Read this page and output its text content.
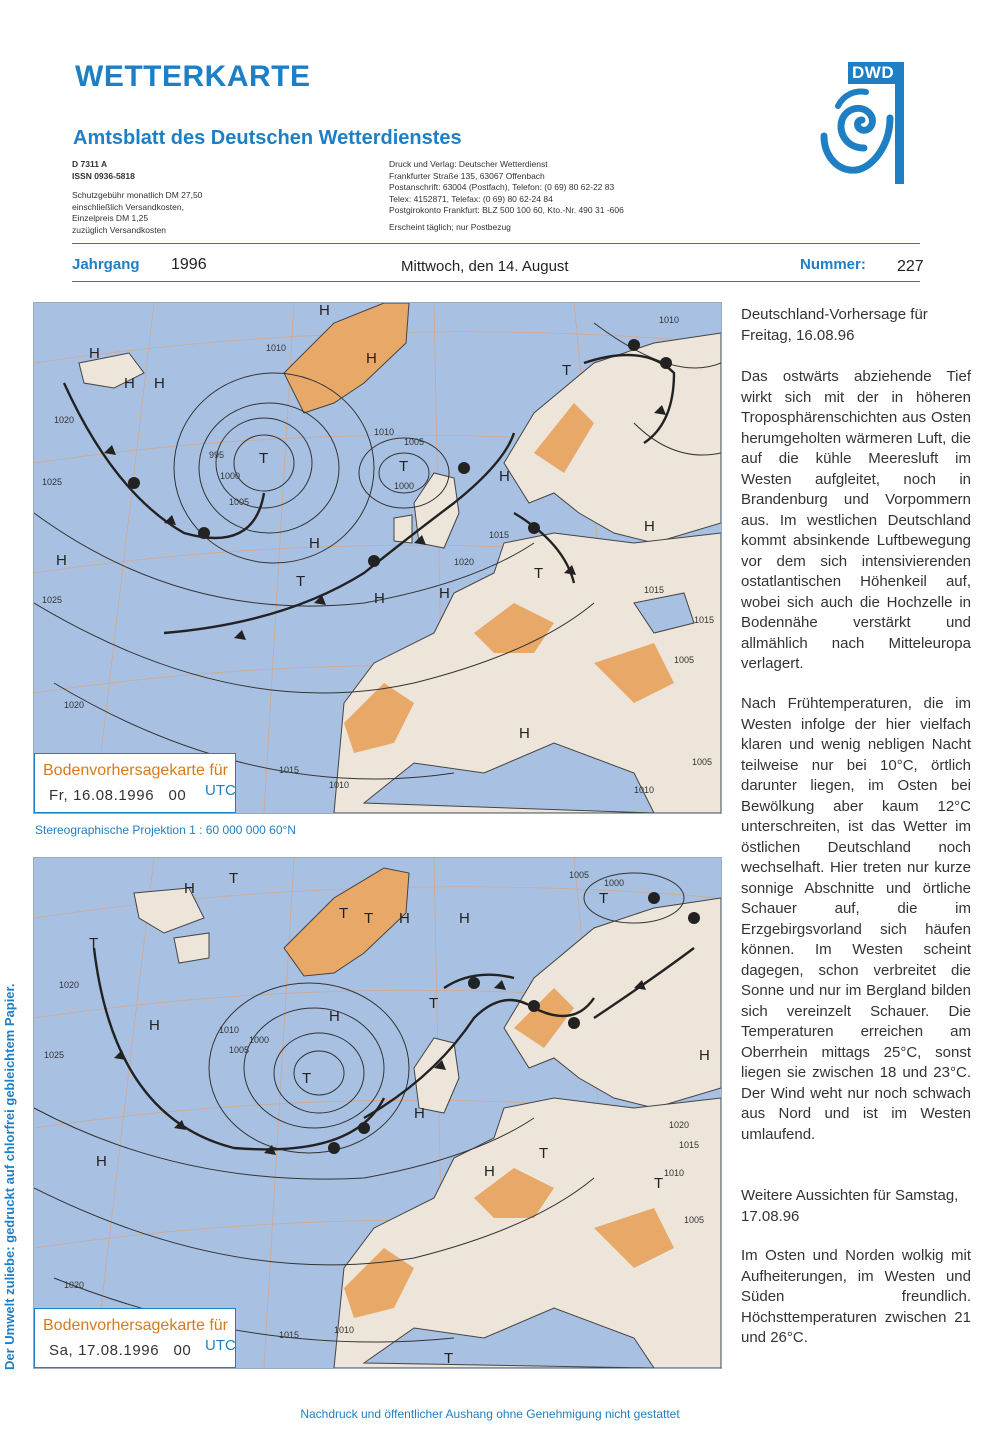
WETTERKARTE
Amtsblatt des Deutschen Wetterdienstes
D 7311 A
ISSN 0936-5818
Schutzgebühr monatlich DM 27,50
einschließlich Versandkosten,
Einzelpreis DM 1,25
zuzüglich Versandkosten
Druck und Verlag: Deutscher Wetterdienst
Frankfurter Straße 135, 63067 Offenbach
Postanschrift: 63004 (Postfach), Telefon: (0 69) 80 62-22 83
Telex: 4152871, Telefax: (0 69) 80 62-24 84
Postgirokonto Frankfurt: BLZ 500 100 60, Kto.-Nr. 490 31 -606
Erscheint täglich; nur Postbezug
DWD
Jahrgang 1996	Mittwoch, den 14. August	Nummer: 227
H
H
H
H
H
T	T
T
T
H
H
H
H	H
H
T
H
1010
1020
1025
995
1000
1005
1010
1005
1000
1015
1020
1015
1010
1025
1020
1005
1015
1010
1005
1010
1015
Bodenvorhersagekarte für
Fr, 16.08.1996 00 UTC
Stereographische Projektion 1 : 60 000 000 60°N
H
T
T
T
H
T
T
H	H
H
T
H
H
H
T
T
T
H
T
1005
1000
1020
1010
1005
1000
1025
1020
1015	1010
1015
1010
1005
1020
Bodenvorhersagekarte für
Sa, 17.08.1996 00 UTC
Deutschland-Vorhersage für Freitag, 16.08.96
Das ostwärts abziehende Tief wirkt sich mit der in höheren Troposphärenschichten aus Osten herumgeholten wärmeren Luft, die auf die kühle Meeresluft im Westen aufgleitet, noch in Brandenburg und Vorpommern aus. Im westlichen Deutschland kommt absinkende Luftbewegung vor dem sich intensivierenden ostatlantischen Höhenkeil auf, wobei sich auch die Hochzelle in Bodennähe verstärkt und allmählich nach Mitteleuropa verlagert.
Nach Frühtemperaturen, die im Westen infolge der hier vielfach klaren und wenig nebligen Nacht teilweise nur bei 10°C, örtlich darunter liegen, im Osten bei Bewölkung aber kaum 12°C unterschreiten, ist das Wetter im östlichen Deutschland noch wechselhaft. Hier treten nur kurze sonnige Abschnitte und örtliche Schauer auf, die im Erzgebirgsvorland sich häufen können. Im Westen scheint dagegen, schon verbreitet die Sonne und nur im Bergland bilden sich vereinzelt Schauer. Die Temperaturen erreichen am Oberrhein mittags 25°C, sonst liegen sie zwischen 18 und 23°C. Der Wind weht nur noch schwach aus Nord und ist im Westen umlaufend.
Weitere Aussichten für Samstag, 17.08.96
Im Osten und Norden wolkig mit Aufheiterungen, im Westen und Süden freundlich. Höchsttemperaturen zwischen 21 und 26°C.
Der Umwelt zuliebe: gedruckt auf chlorfrei gebleichtem Papier.
Nachdruck und öffentlicher Aushang ohne Genehmigung nicht gestattet
